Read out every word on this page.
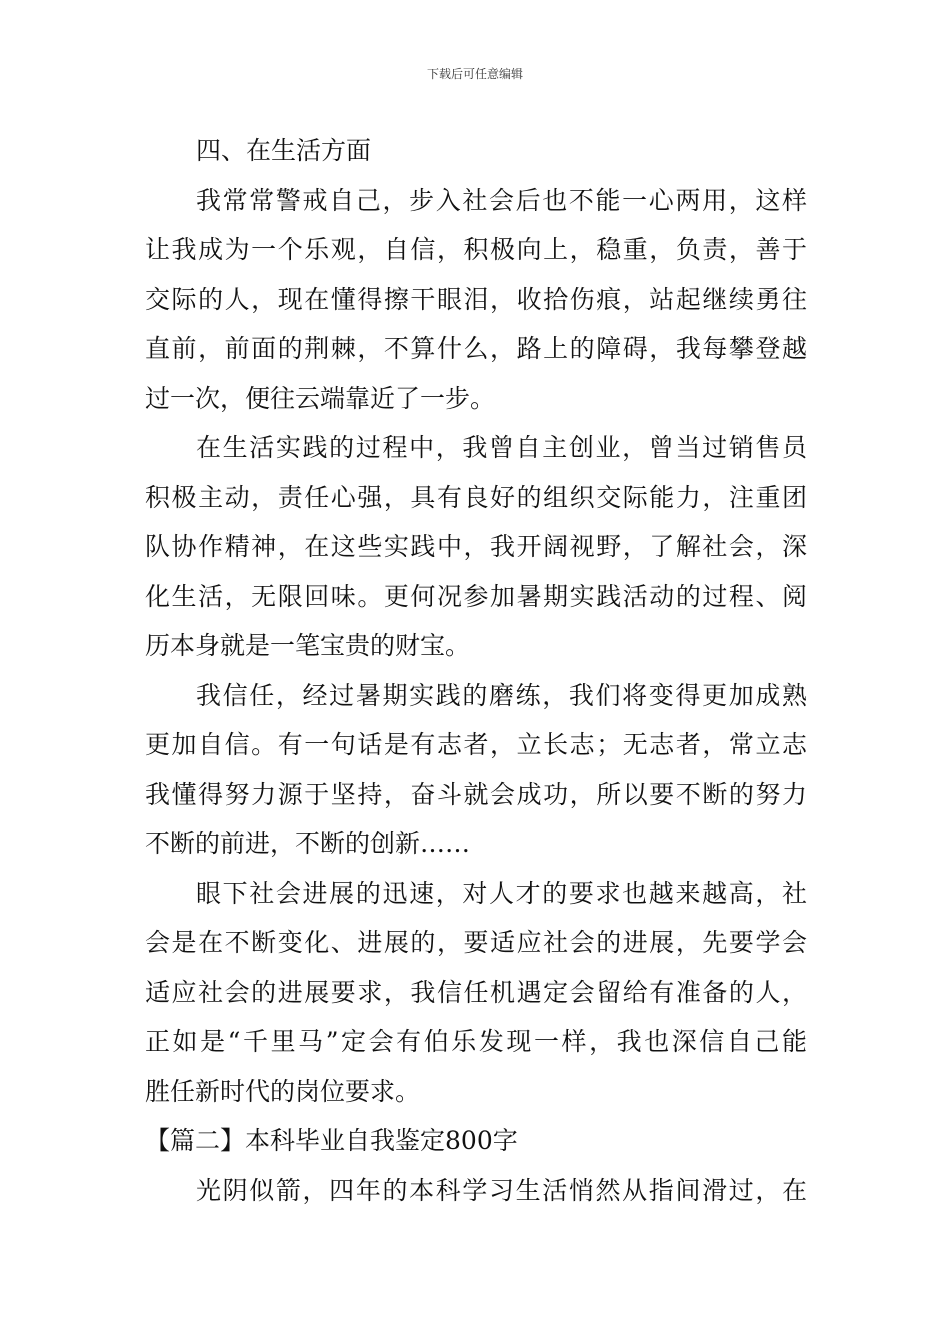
下载后可任意编辑
四、在生活方面
我常常警戒自己，步入社会后也不能一心两用，这样
让我成为一个乐观，自信，积极向上，稳重，负责，善于
交际的人，现在懂得擦干眼泪，收拾伤痕，站起继续勇往
直前，前面的荆棘，不算什么，路上的障碍，我每攀登越
过一次，便往云端靠近了一步。
在生活实践的过程中，我曾自主创业，曾当过销售员
积极主动，责任心强，具有良好的组织交际能力，注重团
队协作精神，在这些实践中，我开阔视野，了解社会，深
化生活，无限回味。更何况参加暑期实践活动的过程、阅
历本身就是一笔宝贵的财宝。
我信任，经过暑期实践的磨练，我们将变得更加成熟
更加自信。有一句话是有志者，立长志；无志者，常立志
我懂得努力源于坚持，奋斗就会成功，所以要不断的努力
不断的前进，不断的创新……
眼下社会进展的迅速，对人才的要求也越来越高，社
会是在不断变化、进展的，要适应社会的进展，先要学会
适应社会的进展要求，我信任机遇定会留给有准备的人，
正如是“千里马”定会有伯乐发现一样，我也深信自己能
胜任新时代的岗位要求。
【篇二】本科毕业自我鉴定800字
光阴似箭，四年的本科学习生活悄然从指间滑过，在
